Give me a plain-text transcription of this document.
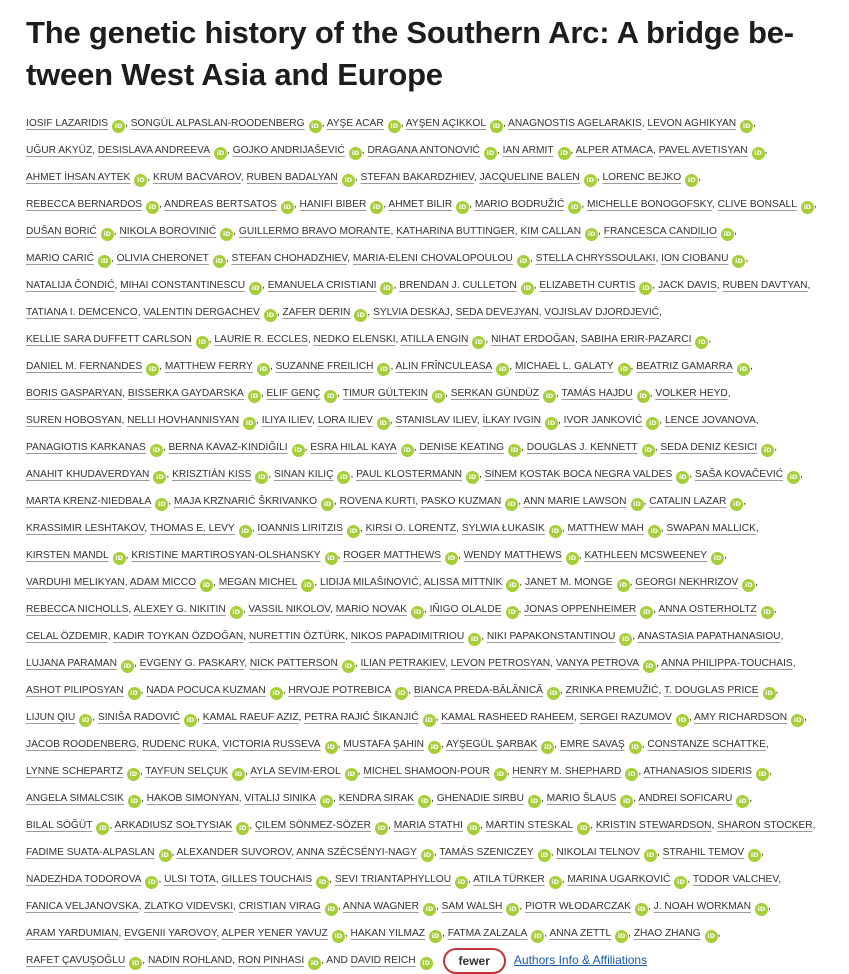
The genetic history of the Southern Arc: A bridge be-
tween West Asia and Europe
IOSIF LAZARIDIS iD , SONGÜL ALPASLAN-ROODENBERG iD , AYŞE ACAR iD , AYŞEN AÇIKKOL iD , ANAGNOSTIS AGELARAKIS, LEVON AGHIKYAN iD , UĞUR AKYÜZ, DESISLAVA ANDREEVA iD , GOJKO ANDRIJAŠEVIĆ iD , DRAGANA ANTONOVIĆ iD , IAN ARMIT iD , ALPER ATMACA, PAVEL AVETISYAN iD , AHMET İHSAN AYTEK iD , KRUM BACVAROV, RUBEN BADALYAN iD , STEFAN BAKARDZHIEV, JACQUELINE BALEN iD , LORENC BEJKO iD , REBECCA BERNARDOS iD , ANDREAS BERTSATOS iD , HANIFI BIBER iD , AHMET BILIR iD , MARIO BODRUŽIĆ iD , MICHELLE BONOGOFSKY, CLIVE BONSALL iD , DUŠAN BORIĆ iD , NIKOLA BOROVINIĆ iD , GUILLERMO BRAVO MORANTE, KATHARINA BUTTINGER, KIM CALLAN iD , FRANCESCA CANDILIO iD , MARIO CARIĆ iD , OLIVIA CHERONET iD , STEFAN CHOHADZHIEV, MARIA-ELENI CHOVALOPOULOU iD , STELLA CHRYSSOULAKI, ION CIOBANU iD , NATALIJA ČONDIĆ, MIHAI CONSTANTINESCU iD , EMANUELA CRISTIANI iD , BRENDAN J. CULLETON iD , ELIZABETH CURTIS iD , JACK DAVIS, RUBEN DAVTYAN, TATIANA I. DEMCENCO, VALENTIN DERGACHEV iD , ZAFER DERIN iD , SYLVIA DESKAJ, SEDA DEVEJYAN, VOJISLAV DJORDJEVIĆ, KELLIE SARA DUFFETT CARLSON iD , LAURIE R. ECCLES, NEDKO ELENSKI, ATILLA ENGIN iD , NIHAT ERDOĞAN, SABIHA ERIR-PAZARCI iD , DANIEL M. FERNANDES iD , MATTHEW FERRY iD , SUZANNE FREILICH iD , ALIN FRÎNCULEASA iD , MICHAEL L. GALATY iD , BEATRIZ GAMARRA iD , BORIS GASPARYAN, BISSERKA GAYDARSKA iD , ELIF GENÇ iD , TIMUR GÜLTEKIN iD , SERKAN GÜNDÜZ iD , TAMÁS HAJDU iD , VOLKER HEYD, SUREN HOBOSYAN, NELLI HOVHANNISYAN iD , ILIYA ILIEV, LORA ILIEV iD , STANISLAV ILIEV, İLKAY IVGIN iD , IVOR JANKOVIĆ iD , LENCE JOVANOVA, PANAGIOTIS KARKANAS iD , BERNA KAVAZ-KINDIĞILI iD , ESRA HILAL KAYA iD , DENISE KEATING iD , DOUGLAS J. KENNETT iD , SEDA DENIZ KESICI iD , ANAHIT KHUDAVERDYAN iD , KRISZTIÁN KISS iD , SINAN KILIÇ iD , PAUL KLOSTERMANN iD , SINEM KOSTAK BOCA NEGRA VALDES iD , SAŠA KOVAČEVIĆ iD , MARTA KRENZ-NIEDBAŁA iD , MAJA KRZNARIĆ ŠKRIVANKO iD , ROVENA KURTI, PASKO KUZMAN iD , ANN MARIE LAWSON iD , CATALIN LAZAR iD , KRASSIMIR LESHTAKOV, THOMAS E. LEVY iD , IOANNIS LIRITZIS iD , KIRSI O. LORENTZ, SYLWIA ŁUKASIK iD , MATTHEW MAH iD , SWAPAN MALLICK, KIRSTEN MANDL iD , KRISTINE MARTIROSYAN-OLSHANSKY iD , ROGER MATTHEWS iD , WENDY MATTHEWS iD , KATHLEEN MCSWEENEY iD , VARDUHI MELIKYAN, ADAM MICCO iD , MEGAN MICHEL iD , LIDIJA MILAŠINOVIĆ, ALISSA MITTNIK iD , JANET M. MONGE iD , GEORGI NEKHRIZOV iD , REBECCA NICHOLLS, ALEXEY G. NIKITIN iD , VASSIL NIKOLOV, MARIO NOVAK iD , IÑIGO OLALDE iD , JONAS OPPENHEIMER iD , ANNA OSTERHOLTZ iD , CELAL ÖZDEMIR, KADIR TOYKAN ÖZDOĞAN, NURETTIN ÖZTÜRK, NIKOS PAPADIMITRIOU iD , NIKI PAPAKONSTANTINOU iD , ANASTASIA PAPATHANASIOU, LUJANA PARAMAN iD , EVGENY G. PASKARY, NICK PATTERSON iD , ILIAN PETRAKIEV, LEVON PETROSYAN, VANYA PETROVA iD , ANNA PHILIPPA-TOUCHAIS, ASHOT PILIPOSYAN iD , NADA POCUCA KUZMAN iD , HRVOJE POTREBICA iD , BIANCA PREDA-BĂLĂNICĂ iD , ZRINKA PREMUŽIĆ, T. DOUGLAS PRICE iD , LIJUN QIU iD , SINIŠA RADOVIĆ iD , KAMAL RAEUF AZIZ, PETRA RAJIĆ ŠIKANJIĆ iD , KAMAL RASHEED RAHEEM, SERGEI RAZUMOV iD , AMY RICHARDSON iD , JACOB ROODENBERG, RUDENC RUKA, VICTORIA RUSSEVA iD , MUSTAFA ŞAHIN iD , AYŞEGÜL ŞARBAK iD , EMRE SAVAŞ iD , CONSTANZE SCHATTKE, LYNNE SCHEPARTZ iD , TAYFUN SELÇUK iD , AYLA SEVIM-EROL iD , MICHEL SHAMOON-POUR iD , HENRY M. SHEPHARD iD , ATHANASIOS SIDERIS iD , ANGELA SIMALCSIK iD , HAKOB SIMONYAN, VITALIJ SINIKA iD , KENDRA SIRAK iD , GHENADIE SIRBU iD , MARIO ŠLAUS iD , ANDREI SOFICARU iD , BILAL SÖĞÜT iD , ARKADIUSZ SOŁTYSIAK iD , ÇILEM SÖNMEZ-SÖZER iD , MARIA STATHI iD , MARTIN STESKAL iD , KRISTIN STEWARDSON, SHARON STOCKER, FADIME SUATA-ALPASLAN iD , ALEXANDER SUVOROV, ANNA SZÉCSÉNYI-NAGY iD , TAMÁS SZENICZEY iD , NIKOLAI TELNOV iD , STRAHIL TEMOV iD , NADEZHDA TODOROVA iD , ULSI TOTA, GILLES TOUCHAIS iD , SEVI TRIANTAPHYLLOU iD , ATILA TÜRKER iD , MARINA UGARKOVIĆ iD , TODOR VALCHEV, FANICA VELJANOVSKA, ZLATKO VIDEVSKI, CRISTIAN VIRAG iD , ANNA WAGNER iD , SAM WALSH iD , PIOTR WŁODARCZAK iD , J. NOAH WORKMAN iD , ARAM YARDUMIAN, EVGENII YAROVOY, ALPER YENER YAVUZ iD , HAKAN YILMAZ iD , FATMA ZALZALA iD , ANNA ZETTL iD , ZHAO ZHANG iD , RAFET ÇAVUŞOĞLU iD , NADIN ROHLAND, RON PINHASI iD , AND DAVID REICH iD fewer Authors Info & Affiliations
